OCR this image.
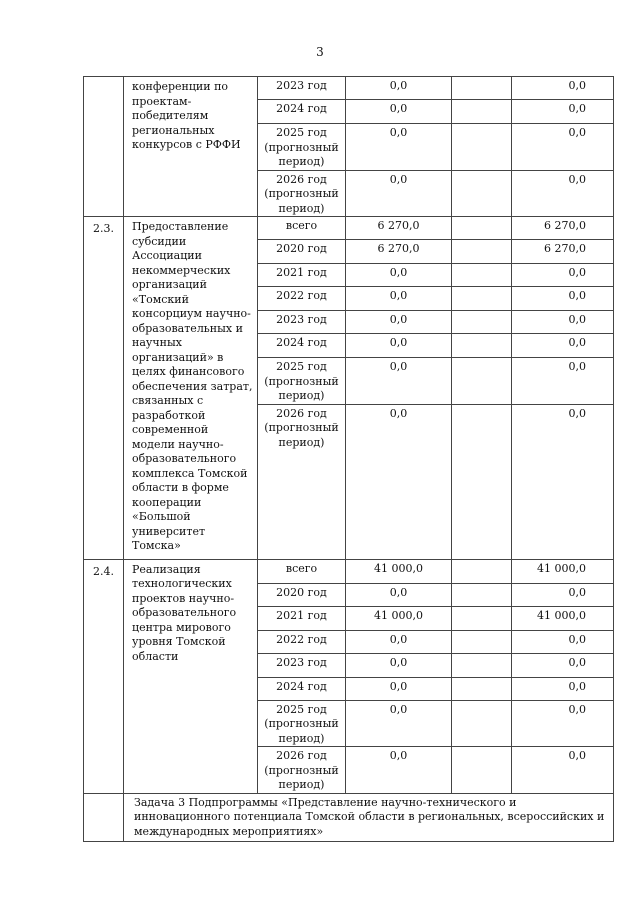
3
	конференции по проектам-победителям региональных конкурсов с РФФИ	2023 год	0,0		0,0
		2024 год	0,0		0,0
		2025 год (прогнозный период)	0,0		0,0
		2026 год (прогнозный период)	0,0		0,0
2.3.	Предоставление субсидии Ассоциации некоммерческих организаций «Томский консорциум научно-образовательных и научных организаций» в целях финансового обеспечения затрат, связанных с разработкой современной модели научно-образовательного комплекса Томской области в форме кооперации «Большой университет Томска»	всего	6 270,0		6 270,0
		2020 год	6 270,0		6 270,0
		2021 год	0,0		0,0
		2022 год	0,0		0,0
		2023 год	0,0		0,0
		2024 год	0,0		0,0
		2025 год (прогнозный период)	0,0		0,0
		2026 год (прогнозный период)	0,0		0,0
2.4.	Реализация технологических проектов научно-образовательного центра мирового уровня Томской области	всего	41 000,0		41 000,0
		2020 год	0,0		0,0
		2021 год	41 000,0		41 000,0
		2022 год	0,0		0,0
		2023 год	0,0		0,0
		2024 год	0,0		0,0
		2025 год (прогнозный период)	0,0		0,0
		2026 год (прогнозный период)	0,0		0,0
	Задача 3 Подпрограммы «Представление научно-технического и инновационного потенциала Томской области в региональных, всероссийских и международных мероприятиях»				
